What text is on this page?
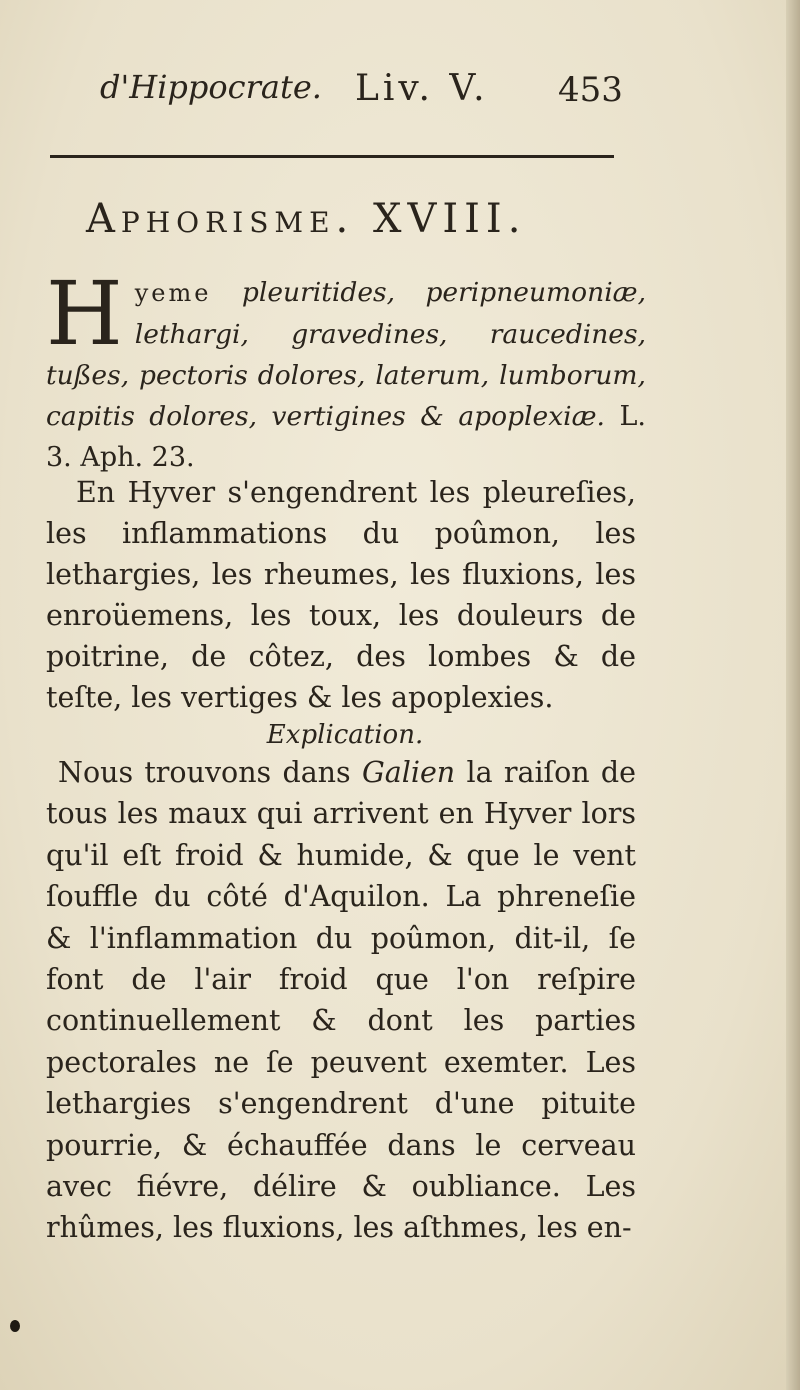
d'Hippocrate. Liv. V. 453
Aphorisme. XVIII.
Hyeme pleuritides, peripneumoniæ, lethargi, gravedines, raucedines, tußes, pectoris dolores, laterum, lumborum, capitis dolores, vertigines & apoplexiæ. L. 3. Aph. 23.
En Hyver s'engendrent les pleureſies, les inflammations du poûmon, les lethargies, les rheumes, les fluxions, les enroüemens, les toux, les douleurs de poitrine, de côtez, des lombes & de teſte, les vertiges & les apoplexies.
Explication.
Nous trouvons dans Galien la raiſon de tous les maux qui arrivent en Hyver lors qu'il eſt froid & humide, & que le vent ſouffle du côté d'Aquilon. La phreneſie & l'inflammation du poûmon, dit-il, ſe font de l'air froid que l'on reſpire continuellement & dont les parties pectorales ne ſe peuvent exemter. Les lethargies s'engendrent d'une pituite pourrie, & échauffée dans le cerveau avec fiévre, délire & oubliance. Les rhûmes, les fluxions, les aſthmes, les en-
